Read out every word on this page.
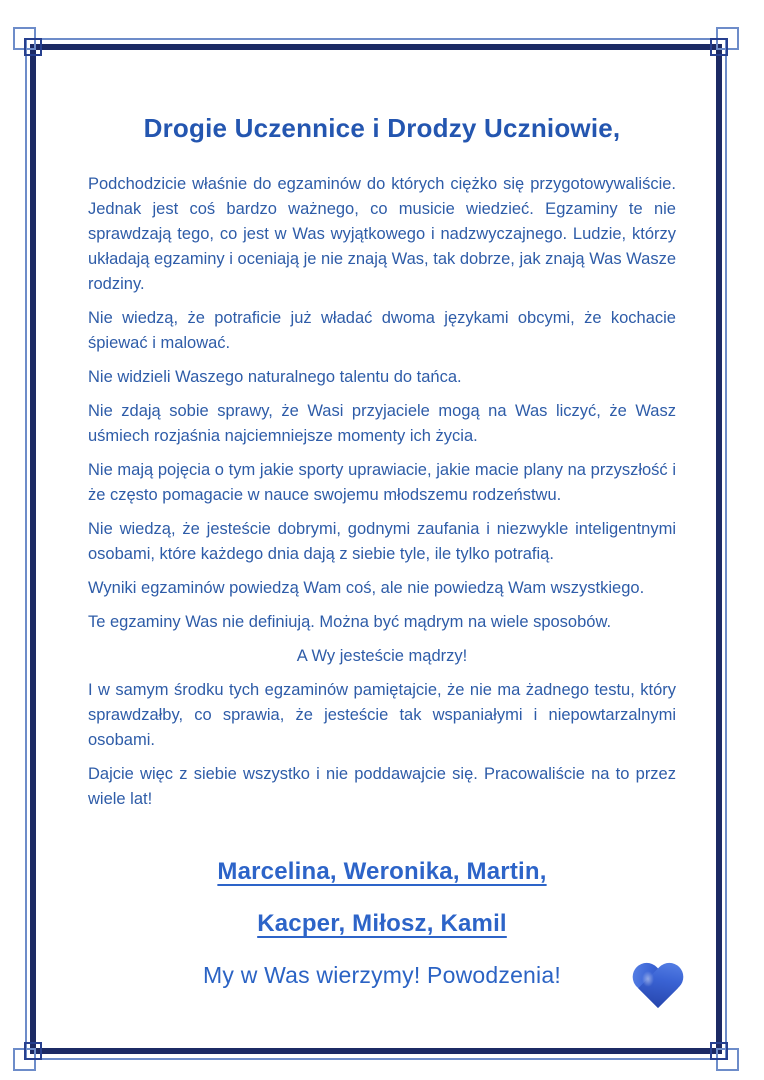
Drogie Uczennice i Drodzy Uczniowie,

Podchodzicie właśnie do egzaminów do których ciężko się przygotowywaliście. Jednak jest coś bardzo ważnego, co musicie wiedzieć. Egzaminy te nie sprawdzają tego, co jest w Was wyjątkowego i nadzwyczajnego. Ludzie, którzy układają egzaminy i oceniają je nie znają Was, tak dobrze, jak znają Was Wasze rodziny.

Nie wiedzą, że potraficie już władać dwoma językami obcymi, że kochacie śpiewać i malować.

Nie widzieli Waszego naturalnego talentu do tańca.

Nie zdają sobie sprawy, że Wasi przyjaciele mogą na Was liczyć, że Wasz uśmiech rozjaśnia najciemniejsze momenty ich życia.

Nie mają pojęcia o tym jakie sporty uprawiacie, jakie macie plany na przyszłość i że często pomagacie w nauce swojemu młodszemu rodzeństwu.

Nie wiedzą, że jesteście dobrymi, godnymi zaufania i niezwykle inteligentnymi osobami, które każdego dnia dają z siebie tyle, ile tylko potrafią.

Wyniki egzaminów powiedzą Wam coś, ale nie powiedzą Wam wszystkiego.

Te egzaminy Was nie definiują. Można być mądrym na wiele sposobów.

A Wy jesteście mądrzy!

I w samym środku tych egzaminów pamiętajcie, że nie ma żadnego testu, który sprawdzałby, co sprawia, że jesteście tak wspaniałymi i niepowtarzalnymi osobami.

Dajcie więc z siebie wszystko i nie poddawajcie się. Pracowaliście na to przez wiele lat!

Marcelina, Weronika, Martin,

Kacper, Miłosz, Kamil

My w Was wierzymy! Powodzenia!
